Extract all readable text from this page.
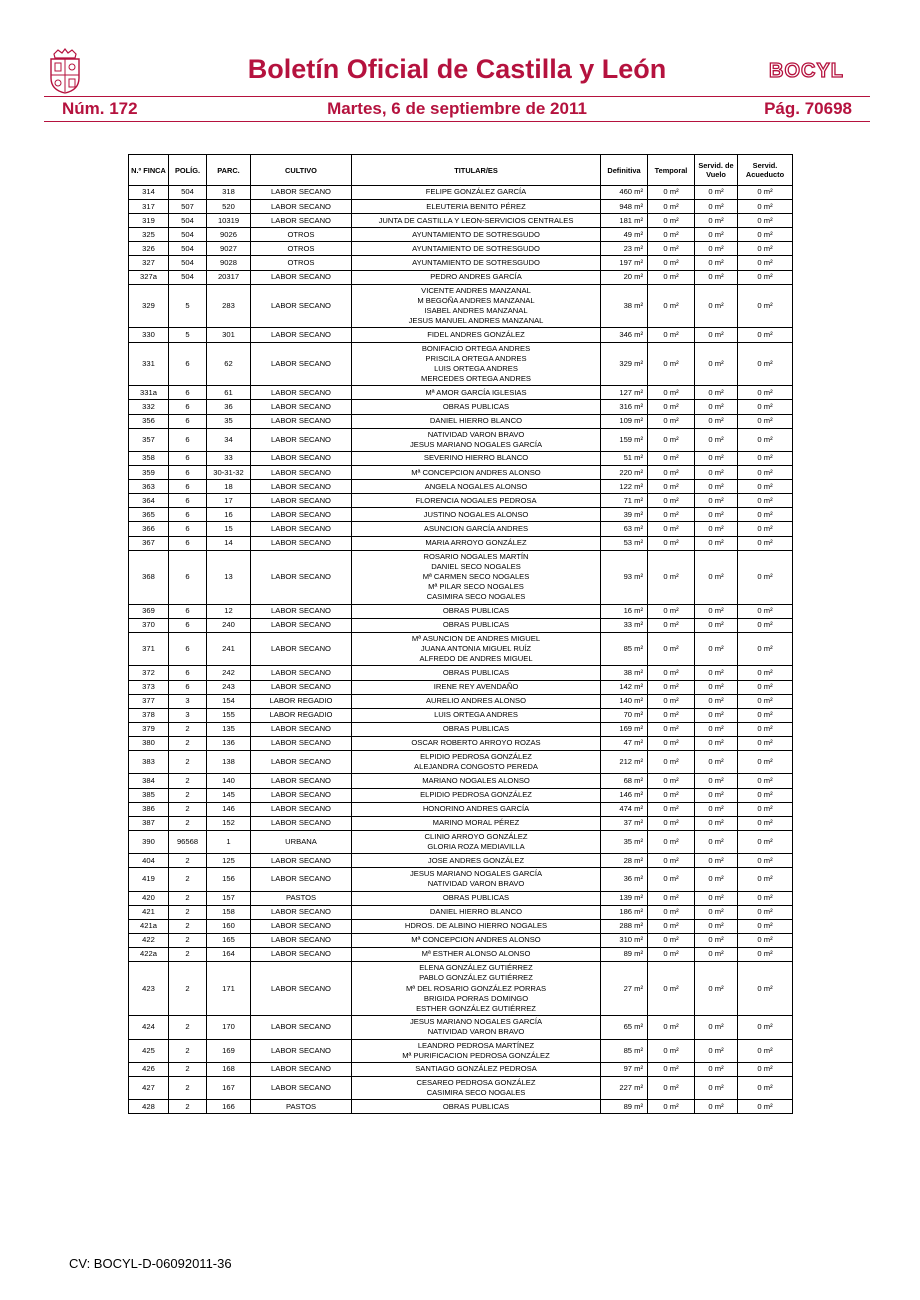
Boletín Oficial de Castilla y León	BOCYL
Núm. 172	Martes, 6 de septiembre de 2011	Pág. 70698
N.º FINCA	POLÍG.	PARC.	CULTIVO	TITULAR/ES	Definitiva	Temporal	Servid. de Vuelo	Servid. Acueducto
314	504	318	LABOR SECANO	FELIPE GONZÁLEZ GARCÍA	460 m²	0 m²	0 m²	0 m²
317	507	520	LABOR SECANO	ELEUTERIA BENITO PÉREZ	948 m²	0 m²	0 m²	0 m²
319	504	10319	LABOR SECANO	JUNTA DE CASTILLA Y LEON-SERVICIOS CENTRALES	181 m²	0 m²	0 m²	0 m²
325	504	9026	OTROS	AYUNTAMIENTO DE SOTRESGUDO	49 m²	0 m²	0 m²	0 m²
326	504	9027	OTROS	AYUNTAMIENTO DE SOTRESGUDO	23 m²	0 m²	0 m²	0 m²
327	504	9028	OTROS	AYUNTAMIENTO DE SOTRESGUDO	197 m²	0 m²	0 m²	0 m²
327a	504	20317	LABOR SECANO	PEDRO ANDRES GARCÍA	20 m²	0 m²	0 m²	0 m²
329	5	283	LABOR SECANO	VICENTE ANDRES MANZANAL
M BEGOÑA ANDRES MANZANAL
ISABEL ANDRES MANZANAL
JESUS MANUEL ANDRES MANZANAL	38 m²	0 m²	0 m²	0 m²
330	5	301	LABOR SECANO	FIDEL ANDRES GONZÁLEZ	346 m²	0 m²	0 m²	0 m²
331	6	62	LABOR SECANO	BONIFACIO ORTEGA ANDRES
PRISCILA ORTEGA ANDRES
LUIS ORTEGA ANDRES
MERCEDES ORTEGA ANDRES	329 m²	0 m²	0 m²	0 m²
331a	6	61	LABOR SECANO	Mª AMOR GARCÍA IGLESIAS	127 m²	0 m²	0 m²	0 m²
332	6	36	LABOR SECANO	OBRAS PUBLICAS	316 m²	0 m²	0 m²	0 m²
356	6	35	LABOR SECANO	DANIEL HIERRO BLANCO	109 m²	0 m²	0 m²	0 m²
357	6	34	LABOR SECANO	NATIVIDAD VARON BRAVO
JESUS MARIANO NOGALES GARCÍA	159 m²	0 m²	0 m²	0 m²
358	6	33	LABOR SECANO	SEVERINO HIERRO BLANCO	51 m²	0 m²	0 m²	0 m²
359	6	30-31-32	LABOR SECANO	Mª CONCEPCION ANDRES ALONSO	220 m²	0 m²	0 m²	0 m²
363	6	18	LABOR SECANO	ANGELA NOGALES ALONSO	122 m²	0 m²	0 m²	0 m²
364	6	17	LABOR SECANO	FLORENCIA NOGALES PEDROSA	71 m²	0 m²	0 m²	0 m²
365	6	16	LABOR SECANO	JUSTINO NOGALES ALONSO	39 m²	0 m²	0 m²	0 m²
366	6	15	LABOR SECANO	ASUNCION GARCÍA ANDRES	63 m²	0 m²	0 m²	0 m²
367	6	14	LABOR SECANO	MARIA ARROYO GONZÁLEZ	53 m²	0 m²	0 m²	0 m²
368	6	13	LABOR SECANO	ROSARIO NOGALES MARTÍN
DANIEL SECO NOGALES
Mª CARMEN SECO NOGALES
Mª PILAR SECO NOGALES
CASIMIRA SECO NOGALES	93 m²	0 m²	0 m²	0 m²
369	6	12	LABOR SECANO	OBRAS PUBLICAS	16 m²	0 m²	0 m²	0 m²
370	6	240	LABOR SECANO	OBRAS PUBLICAS	33 m²	0 m²	0 m²	0 m²
371	6	241	LABOR SECANO	Mª ASUNCION DE ANDRES MIGUEL
JUANA ANTONIA MIGUEL RUÍZ
ALFREDO DE ANDRES MIGUEL	85 m²	0 m²	0 m²	0 m²
372	6	242	LABOR SECANO	OBRAS PUBLICAS	38 m²	0 m²	0 m²	0 m²
373	6	243	LABOR SECANO	IRENE REY AVENDAÑO	142 m²	0 m²	0 m²	0 m²
377	3	154	LABOR REGADIO	AURELIO ANDRES ALONSO	140 m²	0 m²	0 m²	0 m²
378	3	155	LABOR REGADIO	LUIS ORTEGA ANDRES	70 m²	0 m²	0 m²	0 m²
379	2	135	LABOR SECANO	OBRAS PUBLICAS	169 m²	0 m²	0 m²	0 m²
380	2	136	LABOR SECANO	OSCAR ROBERTO ARROYO ROZAS	47 m²	0 m²	0 m²	0 m²
383	2	138	LABOR SECANO	ELPIDIO PEDROSA GONZÁLEZ
ALEJANDRA CONGOSTO PEREDA	212 m²	0 m²	0 m²	0 m²
384	2	140	LABOR SECANO	MARIANO NOGALES ALONSO	68 m²	0 m²	0 m²	0 m²
385	2	145	LABOR SECANO	ELPIDIO PEDROSA GONZÁLEZ	146 m²	0 m²	0 m²	0 m²
386	2	146	LABOR SECANO	HONORINO ANDRES GARCÍA	474 m²	0 m²	0 m²	0 m²
387	2	152	LABOR SECANO	MARINO MORAL PÉREZ	37 m²	0 m²	0 m²	0 m²
390	96568	1	URBANA	CLINIO ARROYO GONZÁLEZ
GLORIA ROZA MEDIAVILLA	35 m²	0 m²	0 m²	0 m²
404	2	125	LABOR SECANO	JOSE ANDRES GONZÁLEZ	28 m²	0 m²	0 m²	0 m²
419	2	156	LABOR SECANO	JESUS MARIANO NOGALES GARCÍA
NATIVIDAD VARON BRAVO	36 m²	0 m²	0 m²	0 m²
420	2	157	PASTOS	OBRAS PUBLICAS	139 m²	0 m²	0 m²	0 m²
421	2	158	LABOR SECANO	DANIEL HIERRO BLANCO	186 m²	0 m²	0 m²	0 m²
421a	2	160	LABOR SECANO	HDROS. DE ALBINO HIERRO NOGALES	288 m²	0 m²	0 m²	0 m²
422	2	165	LABOR SECANO	Mª CONCEPCION ANDRES ALONSO	310 m²	0 m²	0 m²	0 m²
422a	2	164	LABOR SECANO	Mª ESTHER ALONSO ALONSO	89 m²	0 m²	0 m²	0 m²
423	2	171	LABOR SECANO	ELENA GONZÁLEZ GUTIÉRREZ
PABLO GONZÁLEZ GUTIÉRREZ
Mª DEL ROSARIO GONZÁLEZ PORRAS
BRIGIDA PORRAS DOMINGO
ESTHER GONZÁLEZ GUTIÉRREZ	27 m²	0 m²	0 m²	0 m²
424	2	170	LABOR SECANO	JESUS MARIANO NOGALES GARCÍA
NATIVIDAD VARON BRAVO	65 m²	0 m²	0 m²	0 m²
425	2	169	LABOR SECANO	LEANDRO PEDROSA MARTÍNEZ
Mª PURIFICACION PEDROSA GONZÁLEZ	85 m²	0 m²	0 m²	0 m²
426	2	168	LABOR SECANO	SANTIAGO GONZÁLEZ PEDROSA	97 m²	0 m²	0 m²	0 m²
427	2	167	LABOR SECANO	CESAREO PEDROSA GONZÁLEZ
CASIMIRA SECO NOGALES	227 m²	0 m²	0 m²	0 m²
428	2	166	PASTOS	OBRAS PUBLICAS	89 m²	0 m²	0 m²	0 m²
CV: BOCYL-D-06092011-36
